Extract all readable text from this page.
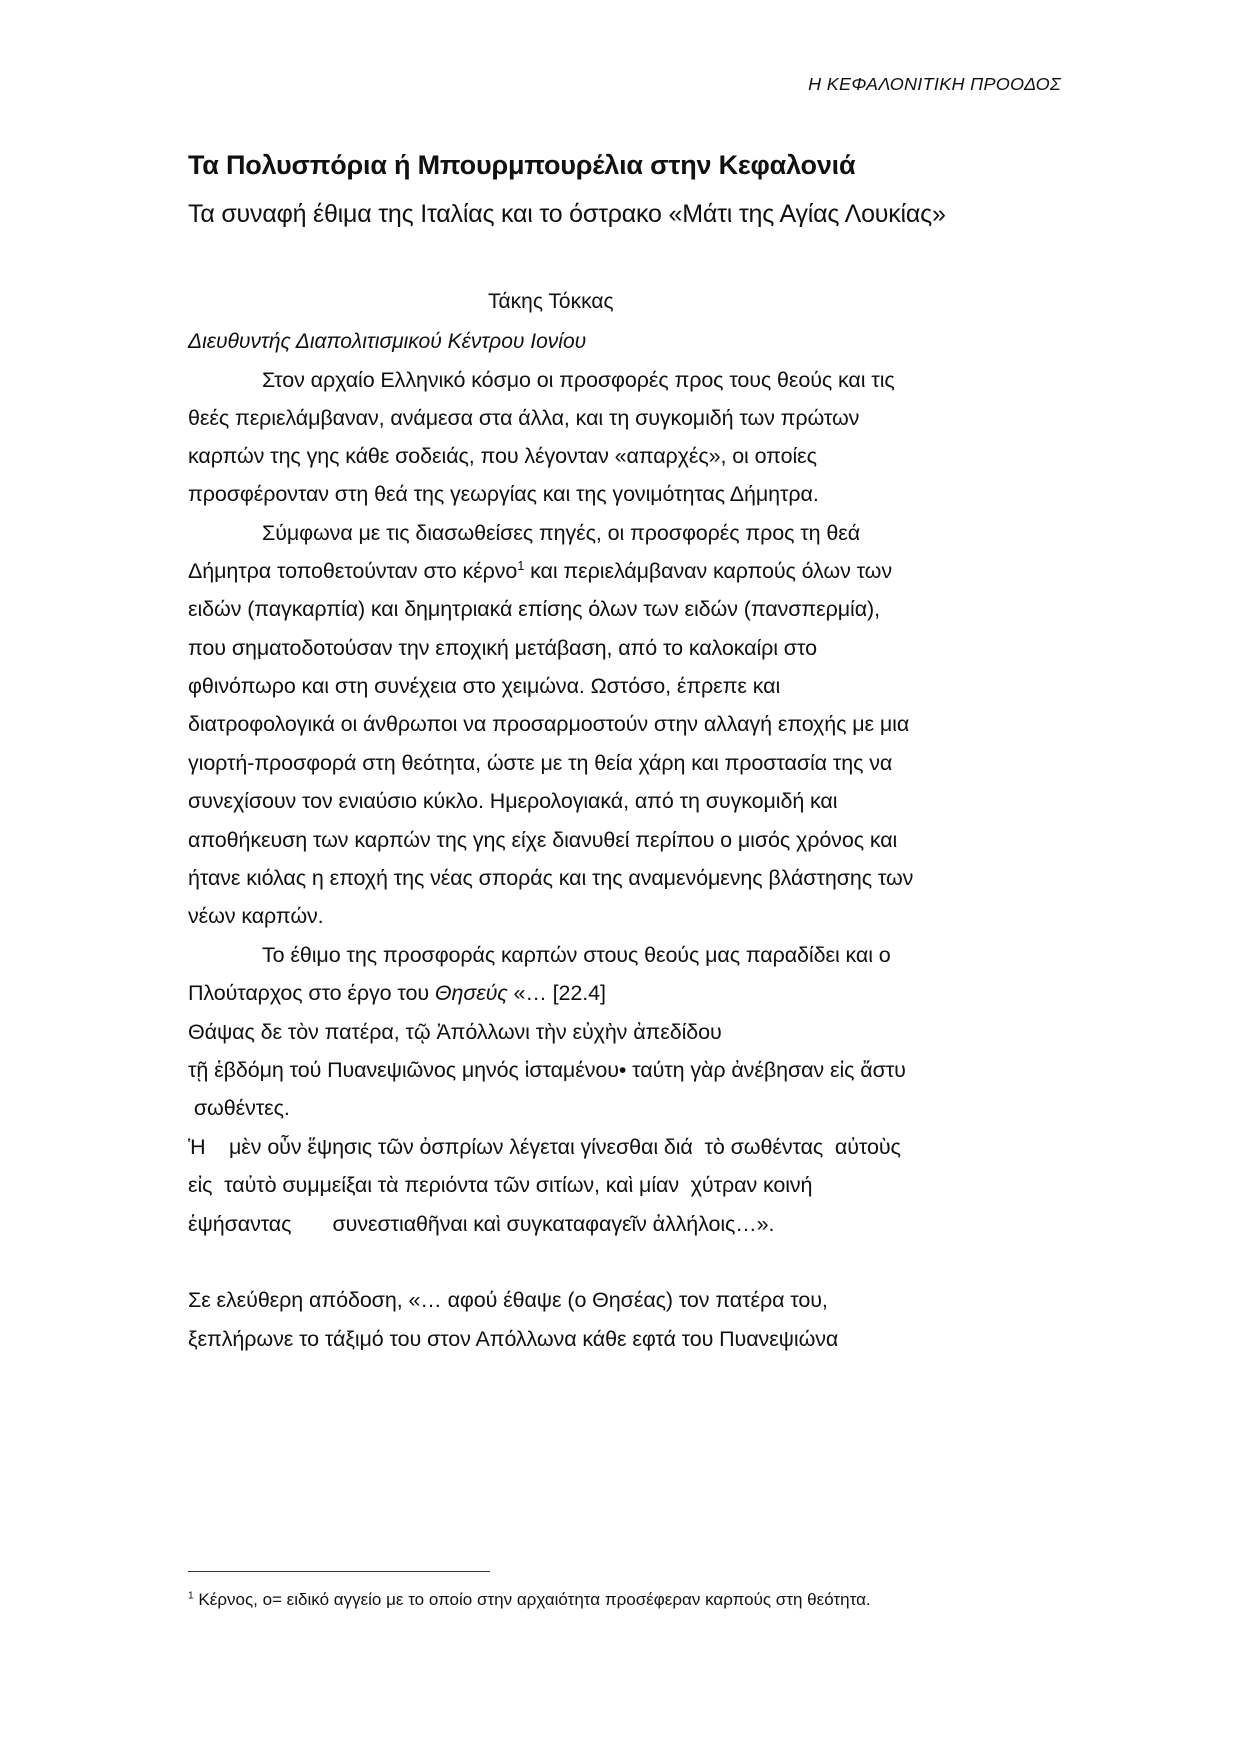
Η ΚΕΦΑΛΟΝΙΤΙΚΗ ΠΡΟΟΔΟΣ
Τα Πολυσπόρια ή Μπουρμπουρέλια στην Κεφαλονιά
Τα συναφή έθιμα της Ιταλίας και το όστρακο «Μάτι της Αγίας Λουκίας»
Τάκης Τόκκας
Διευθυντής Διαπολιτισμικού Κέντρου Ιονίου
Στον αρχαίο Ελληνικό κόσμο οι προσφορές προς τους θεούς και τις
θεές περιελάμβαναν, ανάμεσα στα άλλα, και τη συγκομιδή των πρώτων
καρπών της γης κάθε σοδειάς, που λέγονταν «απαρχές», οι οποίες
προσφέρονταν στη θεά της γεωργίας και της γονιμότητας Δήμητρα.
Σύμφωνα με τις διασωθείσες πηγές, οι προσφορές προς τη θεά
Δήμητρα τοποθετούνταν στο κέρνο$^1$ και περιελάμβαναν καρπούς όλων των
ειδών (παγκαρπία) και δημητριακά επίσης όλων των ειδών (πανσπερμία),
που σηματοδοτούσαν την εποχική μετάβαση, από το καλοκαίρι στο
φθινόπωρο και στη συνέχεια στο χειμώνα. Ωστόσο, έπρεπε και
διατροφολογικά οι άνθρωποι να προσαρμοστούν στην αλλαγή εποχής με μια
γιορτή-προσφορά στη θεότητα, ώστε με τη θεία χάρη και προστασία της να
συνεχίσουν τον ενιαύσιο κύκλο. Ημερολογιακά, από τη συγκομιδή και
αποθήκευση των καρπών της γης είχε διανυθεί περίπου ο μισός χρόνος και
ήτανε κιόλας η εποχή της νέας σποράς και της αναμενόμενης βλάστησης των
νέων καρπών.
Το έθιμο της προσφοράς καρπών στους θεούς μας παραδίδει και ο
Πλούταρχος στο έργο του Θησεύς «… [22.4]
Θάψας δε τὸν πατέρα, τῷ Ἀπόλλωνι τὴν εὐχὴν ἀπεδίδου
τῇ ἑβδόμη τού Πυανεψιῶνος μηνός ἱσταμένου• ταύτη γὰρ ἀνέβησαν εἰς ἄστυ
σωθέντες.
Ἡ    μὲν οὖν ἕψησις τῶν ὀσπρίων λέγεται γίνεσθαι διά  τὸ σωθέντας  αὐτοὺς
εἰς  ταὐτὸ συμμείξαι τὰ περιόντα τῶν σιτίων, καὶ μίαν  χύτραν κοινή
ἑψήσαντας       συνεστιαθῆναι καὶ συγκαταφαγεῖν ἀλλήλοις…».
Σε ελεύθερη απόδοση, «… αφού έθαψε (ο Θησέας) τον πατέρα του,
ξεπλήρωνε το τάξιμό του στον Απόλλωνα κάθε εφτά του Πυανεψιώνα
$^1$ Κέρνος, ο= ειδικό αγγείο με το οποίο στην αρχαιότητα προσέφεραν καρπούς στη θεότητα.
